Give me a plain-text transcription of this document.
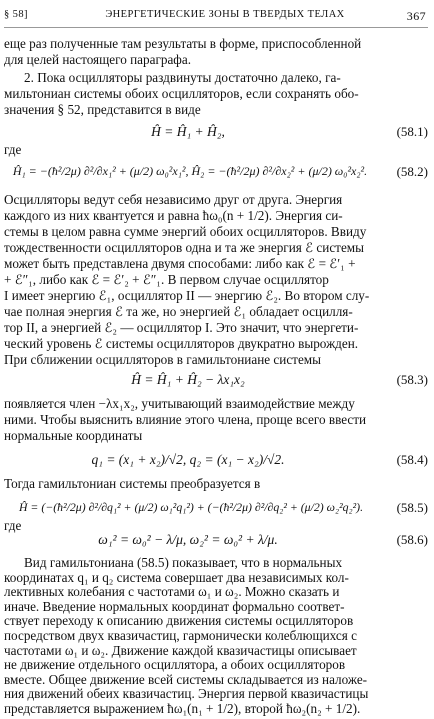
§ 58]	ЭНЕРГЕТИЧЕСКИЕ ЗОНЫ В ТВЕРДЫХ ТЕЛАХ	367

еще раз полученные там результаты в форме, приспособленной
для целей настоящего параграфа.

2. Пока осцилляторы раздвинуты достаточно далеко, га-
мильтониан системы обоих осцилляторов, если сохранять обо-
значения § 52, представится в виде

Ĥ = Ĥ₁ + Ĥ₂,	(58.1)
где
Ĥ₁ = −(ħ²/2μ) ∂²/∂x₁² + (μ/2) ω₀²x₁², Ĥ₂ = −(ħ²/2μ) ∂²/∂x₂² + (μ/2) ω₀²x₂².	(58.2)

Осцилляторы ведут себя независимо друг от друга. Энергия
каждого из них квантуется и равна ħω₀(n + 1/2). Энергия си-
стемы в целом равна сумме энергий обоих осцилляторов. Ввиду
тождественности осцилляторов одна и та же энергия ℰ системы
может быть представлена двумя способами: либо как ℰ = ℰ′₁ +
+ ℰ″₁, либо как ℰ = ℰ′₂ + ℰ″₁. В первом случае осциллятор
I имеет энергию ℰ₁, осциллятор II — энергию ℰ₂. Во втором слу-
чае полная энергия ℰ та же, но энергией ℰ₁ обладает осцилля-
тор II, а энергией ℰ₂ — осциллятор I. Это значит, что энергети-
ческий уровень ℰ системы осцилляторов двукратно вырожден.
При сближении осцилляторов в гамильтониане системы

Ĥ = Ĥ₁ + Ĥ₂ − λx₁x₂	(58.3)

появляется член −λx₁x₂, учитывающий взаимодействие между
ними. Чтобы выяснить влияние этого члена, проще всего ввести
нормальные координаты

q₁ = (x₁ + x₂)/√2, q₂ = (x₁ − x₂)/√2.	(58.4)

Тогда гамильтониан системы преобразуется в

Ĥ = (−(ħ²/2μ) ∂²/∂q₁² + (μ/2) ω₁²q₁²) + (−(ħ²/2μ) ∂²/∂q₂² + (μ/2) ω₂²q₂²).	(58.5)
где
ω₁² = ω₀² − λ/μ, ω₂² = ω₀² + λ/μ.	(58.6)

Вид гамильтониана (58.5) показывает, что в нормальных
координатах q₁ и q₂ система совершает два независимых кол-
лективных колебания с частотами ω₁ и ω₂. Можно сказать и
иначе. Введение нормальных координат формально соответ-
ствует переходу к описанию движения системы осцилляторов
посредством двух квазичастиц, гармонически колеблющихся с
частотами ω₁ и ω₂. Движение каждой квазичастицы описывает
не движение отдельного осциллятора, а обоих осцилляторов
вместе. Общее движение всей системы складывается из наложе-
ния движений обеих квазичастиц. Энергия первой квазичастицы
представляется выражением ħω₁(n₁ + 1/2), второй ħω₂(n₂ + 1/2).
